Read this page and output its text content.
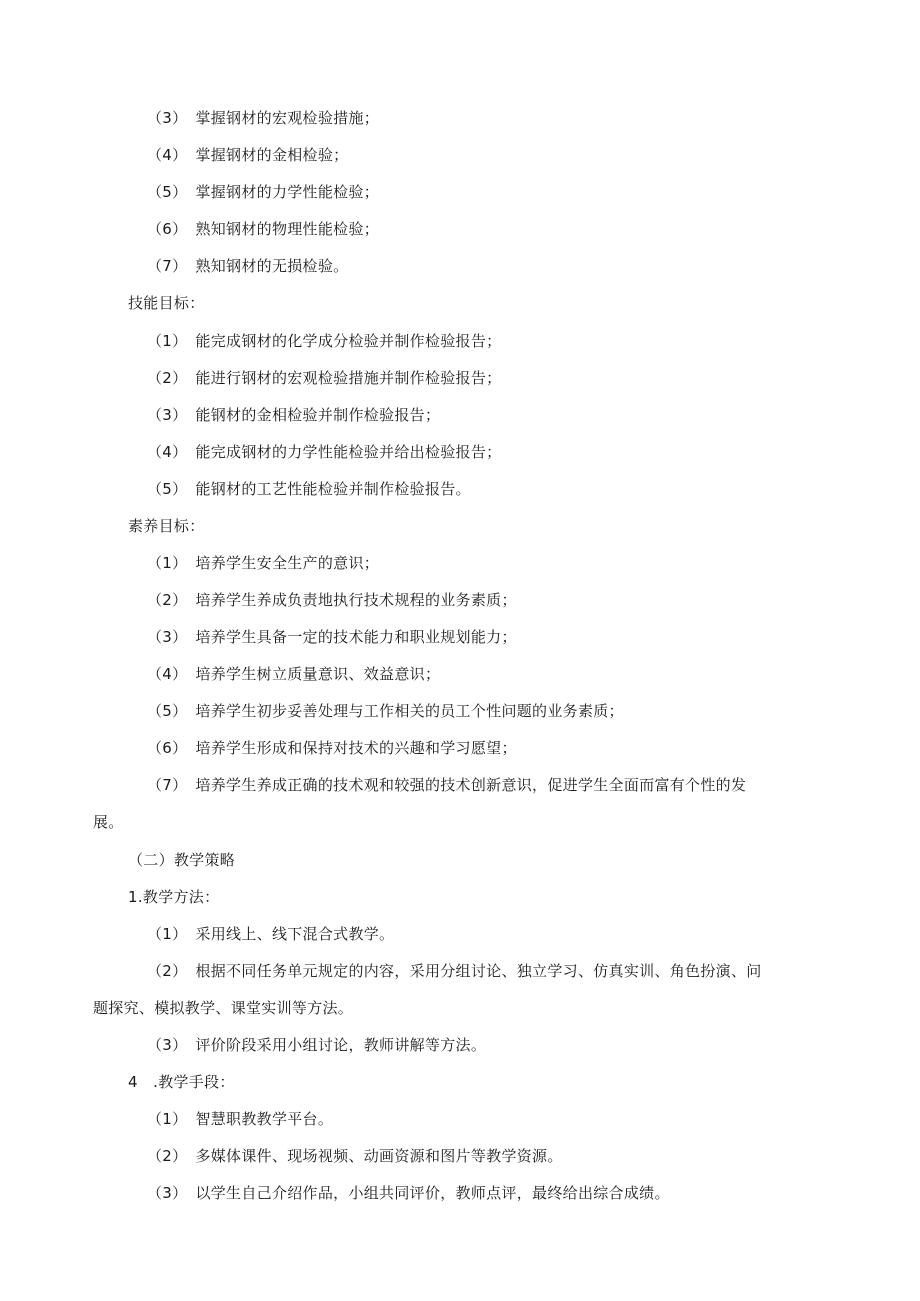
（3） 掌握钢材的宏观检验措施；
（4） 掌握钢材的金相检验；
（5） 掌握钢材的力学性能检验；
（6） 熟知钢材的物理性能检验；
（7） 熟知钢材的无损检验。
技能目标：
（1） 能完成钢材的化学成分检验并制作检验报告；
（2） 能进行钢材的宏观检验措施并制作检验报告；
（3） 能钢材的金相检验并制作检验报告；
（4） 能完成钢材的力学性能检验并给出检验报告；
（5） 能钢材的工艺性能检验并制作检验报告。
素养目标：
（1） 培养学生安全生产的意识；
（2） 培养学生养成负责地执行技术规程的业务素质；
（3） 培养学生具备一定的技术能力和职业规划能力；
（4） 培养学生树立质量意识、效益意识；
（5） 培养学生初步妥善处理与工作相关的员工个性问题的业务素质；
（6） 培养学生形成和保持对技术的兴趣和学习愿望；
（7） 培养学生养成正确的技术观和较强的技术创新意识，促进学生全面而富有个性的发
展。
（二）教学策略
1.教学方法：
（1） 采用线上、线下混合式教学。
（2） 根据不同任务单元规定的内容，采用分组讨论、独立学习、仿真实训、角色扮演、问
题探究、模拟教学、课堂实训等方法。
（3） 评价阶段采用小组讨论，教师讲解等方法。
4　.教学手段：
（1） 智慧职教教学平台。
（2） 多媒体课件、现场视频、动画资源和图片等教学资源。
（3） 以学生自己介绍作品，小组共同评价，教师点评，最终给出综合成绩。
